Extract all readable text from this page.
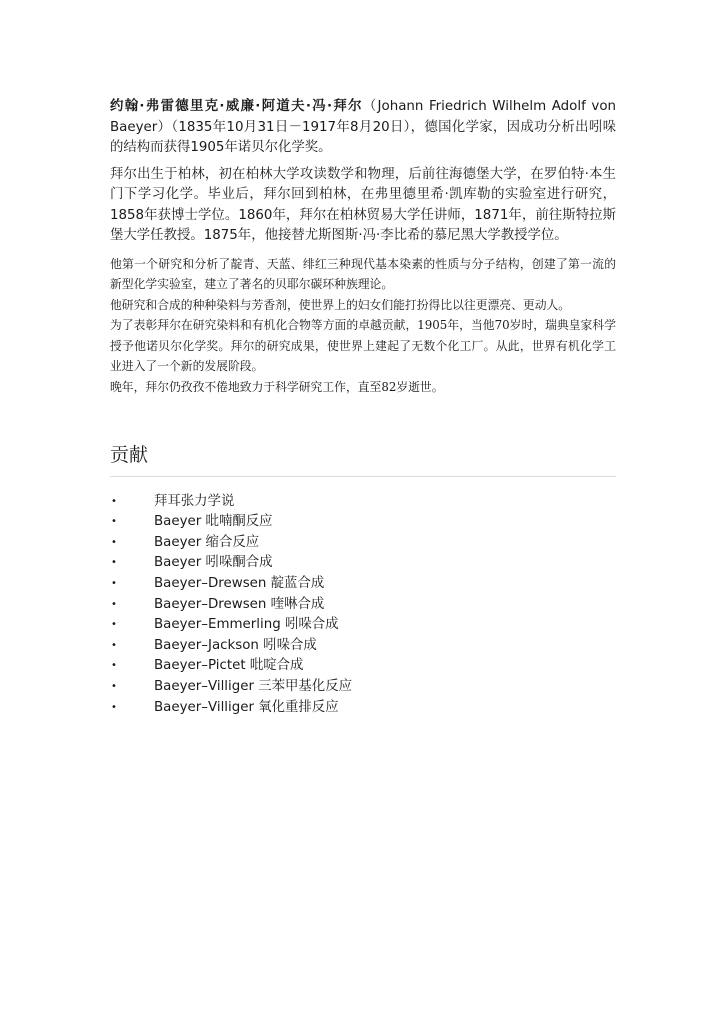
约翰·弗雷德里克·威廉·阿道夫·冯·拜尔（Johann Friedrich Wilhelm Adolf von Baeyer）（1835年10月31日－1917年8月20日），德国化学家，因成功分析出吲哚的结构而获得1905年诺贝尔化学奖。

拜尔出生于柏林，初在柏林大学攻读数学和物理，后前往海德堡大学，在罗伯特·本生门下学习化学。毕业后，拜尔回到柏林，在弗里德里希·凯库勒的实验室进行研究，1858年获博士学位。1860年，拜尔在柏林贸易大学任讲师，1871年，前往斯特拉斯堡大学任教授。1875年，他接替尤斯图斯·冯·李比希的慕尼黑大学教授学位。

他第一个研究和分析了靛青、天蓝、绯红三种现代基本染素的性质与分子结构，创建了第一流的新型化学实验室，建立了著名的贝耶尔碳环种族理论。

他研究和合成的种种染料与芳香剂，使世界上的妇女们能打扮得比以往更漂亮、更动人。

为了表彰拜尔在研究染料和有机化合物等方面的卓越贡献，1905年，当他70岁时，瑞典皇家科学授予他诺贝尔化学奖。拜尔的研究成果，使世界上建起了无数个化工厂。从此，世界有机化学工业进入了一个新的发展阶段。

晚年，拜尔仍孜孜不倦地致力于科学研究工作，直至82岁逝世。

贡献
•	拜耳张力学说
•	Baeyer 吡喃酮反应
•	Baeyer 缩合反应
•	Baeyer 吲哚酮合成
•	Baeyer–Drewsen 靛蓝合成
•	Baeyer–Drewsen 喹啉合成
•	Baeyer–Emmerling 吲哚合成
•	Baeyer–Jackson 吲哚合成
•	Baeyer–Pictet 吡啶合成
•	Baeyer–Villiger 三苯甲基化反应
•	Baeyer–Villiger 氧化重排反应
